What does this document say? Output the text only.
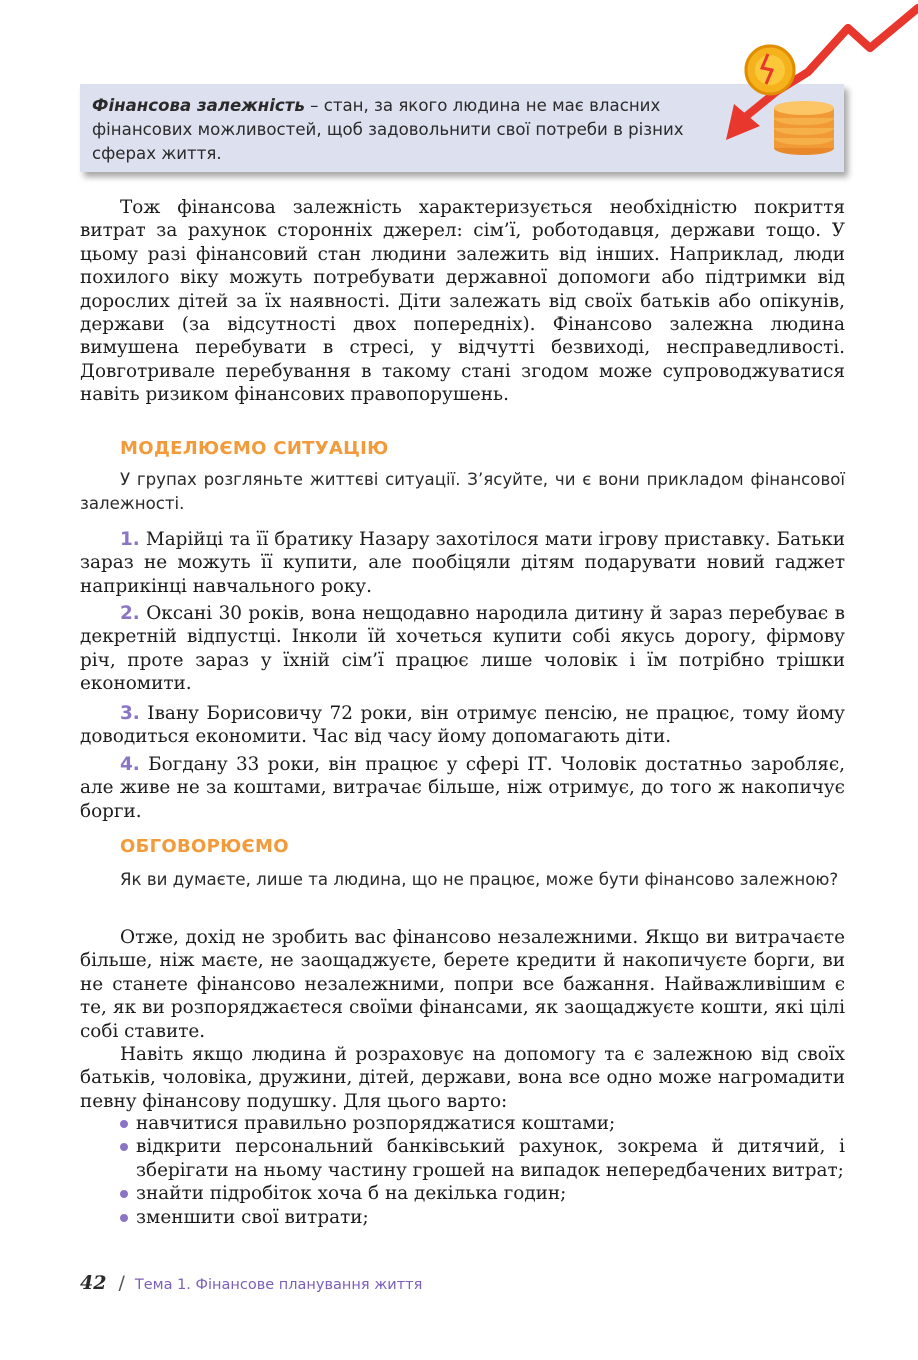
Фінансова залежність – стан, за якого людина не має власних фінансових можливостей, щоб задовольнити свої потреби в різних сферах життя.

Тож фінансова залежність характеризується необхідністю покриття витрат за рахунок сторонніх джерел: сім’ї, роботодавця, держави тощо. У цьому разі фінансовий стан людини залежить від інших. Наприклад, люди похилого віку можуть потребувати державної допомоги або підтримки від дорослих дітей за їх наявності. Діти залежать від своїх батьків або опікунів, держави (за відсутності двох попередніх). Фінансово залежна людина вимушена перебувати в стресі, у відчутті безвиході, несправедливості. Довготривале перебування в такому стані згодом може супроводжуватися навіть ризиком фінансових правопорушень.

МОДЕЛЮЄМО СИТУАЦІЮ

У групах розгляньте життєві ситуації. З’ясуйте, чи є вони прикладом фінансової залежності.

1. Марійці та її братику Назару захотілося мати ігрову приставку. Батьки зараз не можуть її купити, але пообіцяли дітям подарувати новий гаджет наприкінці навчального року.

2. Оксані 30 років, вона нещодавно народила дитину й зараз перебуває в декретній відпустці. Інколи їй хочеться купити собі якусь дорогу, фірмову річ, проте зараз у їхній сім’ї працює лише чоловік і їм потрібно трішки економити.

3. Івану Борисовичу 72 роки, він отримує пенсію, не працює, тому йому доводиться економити. Час від часу йому допомагають діти.

4. Богдану 33 роки, він працює у сфері ІТ. Чоловік достатньо заробляє, але живе не за коштами, витрачає більше, ніж отримує, до того ж накопичує борги.

ОБГОВОРЮЄМО

Як ви думаєте, лише та людина, що не працює, може бути фінансово залежною?

Отже, дохід не зробить вас фінансово незалежними. Якщо ви витрачаєте більше, ніж маєте, не заощаджуєте, берете кредити й накопичуєте борги, ви не станете фінансово незалежними, попри все бажання. Найважливішим є те, як ви розпоряджаєтеся своїми фінансами, як заощаджуєте кошти, які цілі собі ставите.

Навіть якщо людина й розраховує на допомогу та є залежною від своїх батьків, чоловіка, дружини, дітей, держави, вона все одно може нагромадити певну фінансову подушку. Для цього варто:

навчитися правильно розпоряджатися коштами;
відкрити персональний банківський рахунок, зокрема й дитячий, і зберігати на ньому частину грошей на випадок непередбачених витрат;
знайти підробіток хоча б на декілька годин;
зменшити свої витрати;
42 / Тема 1. Фінансове планування життя
